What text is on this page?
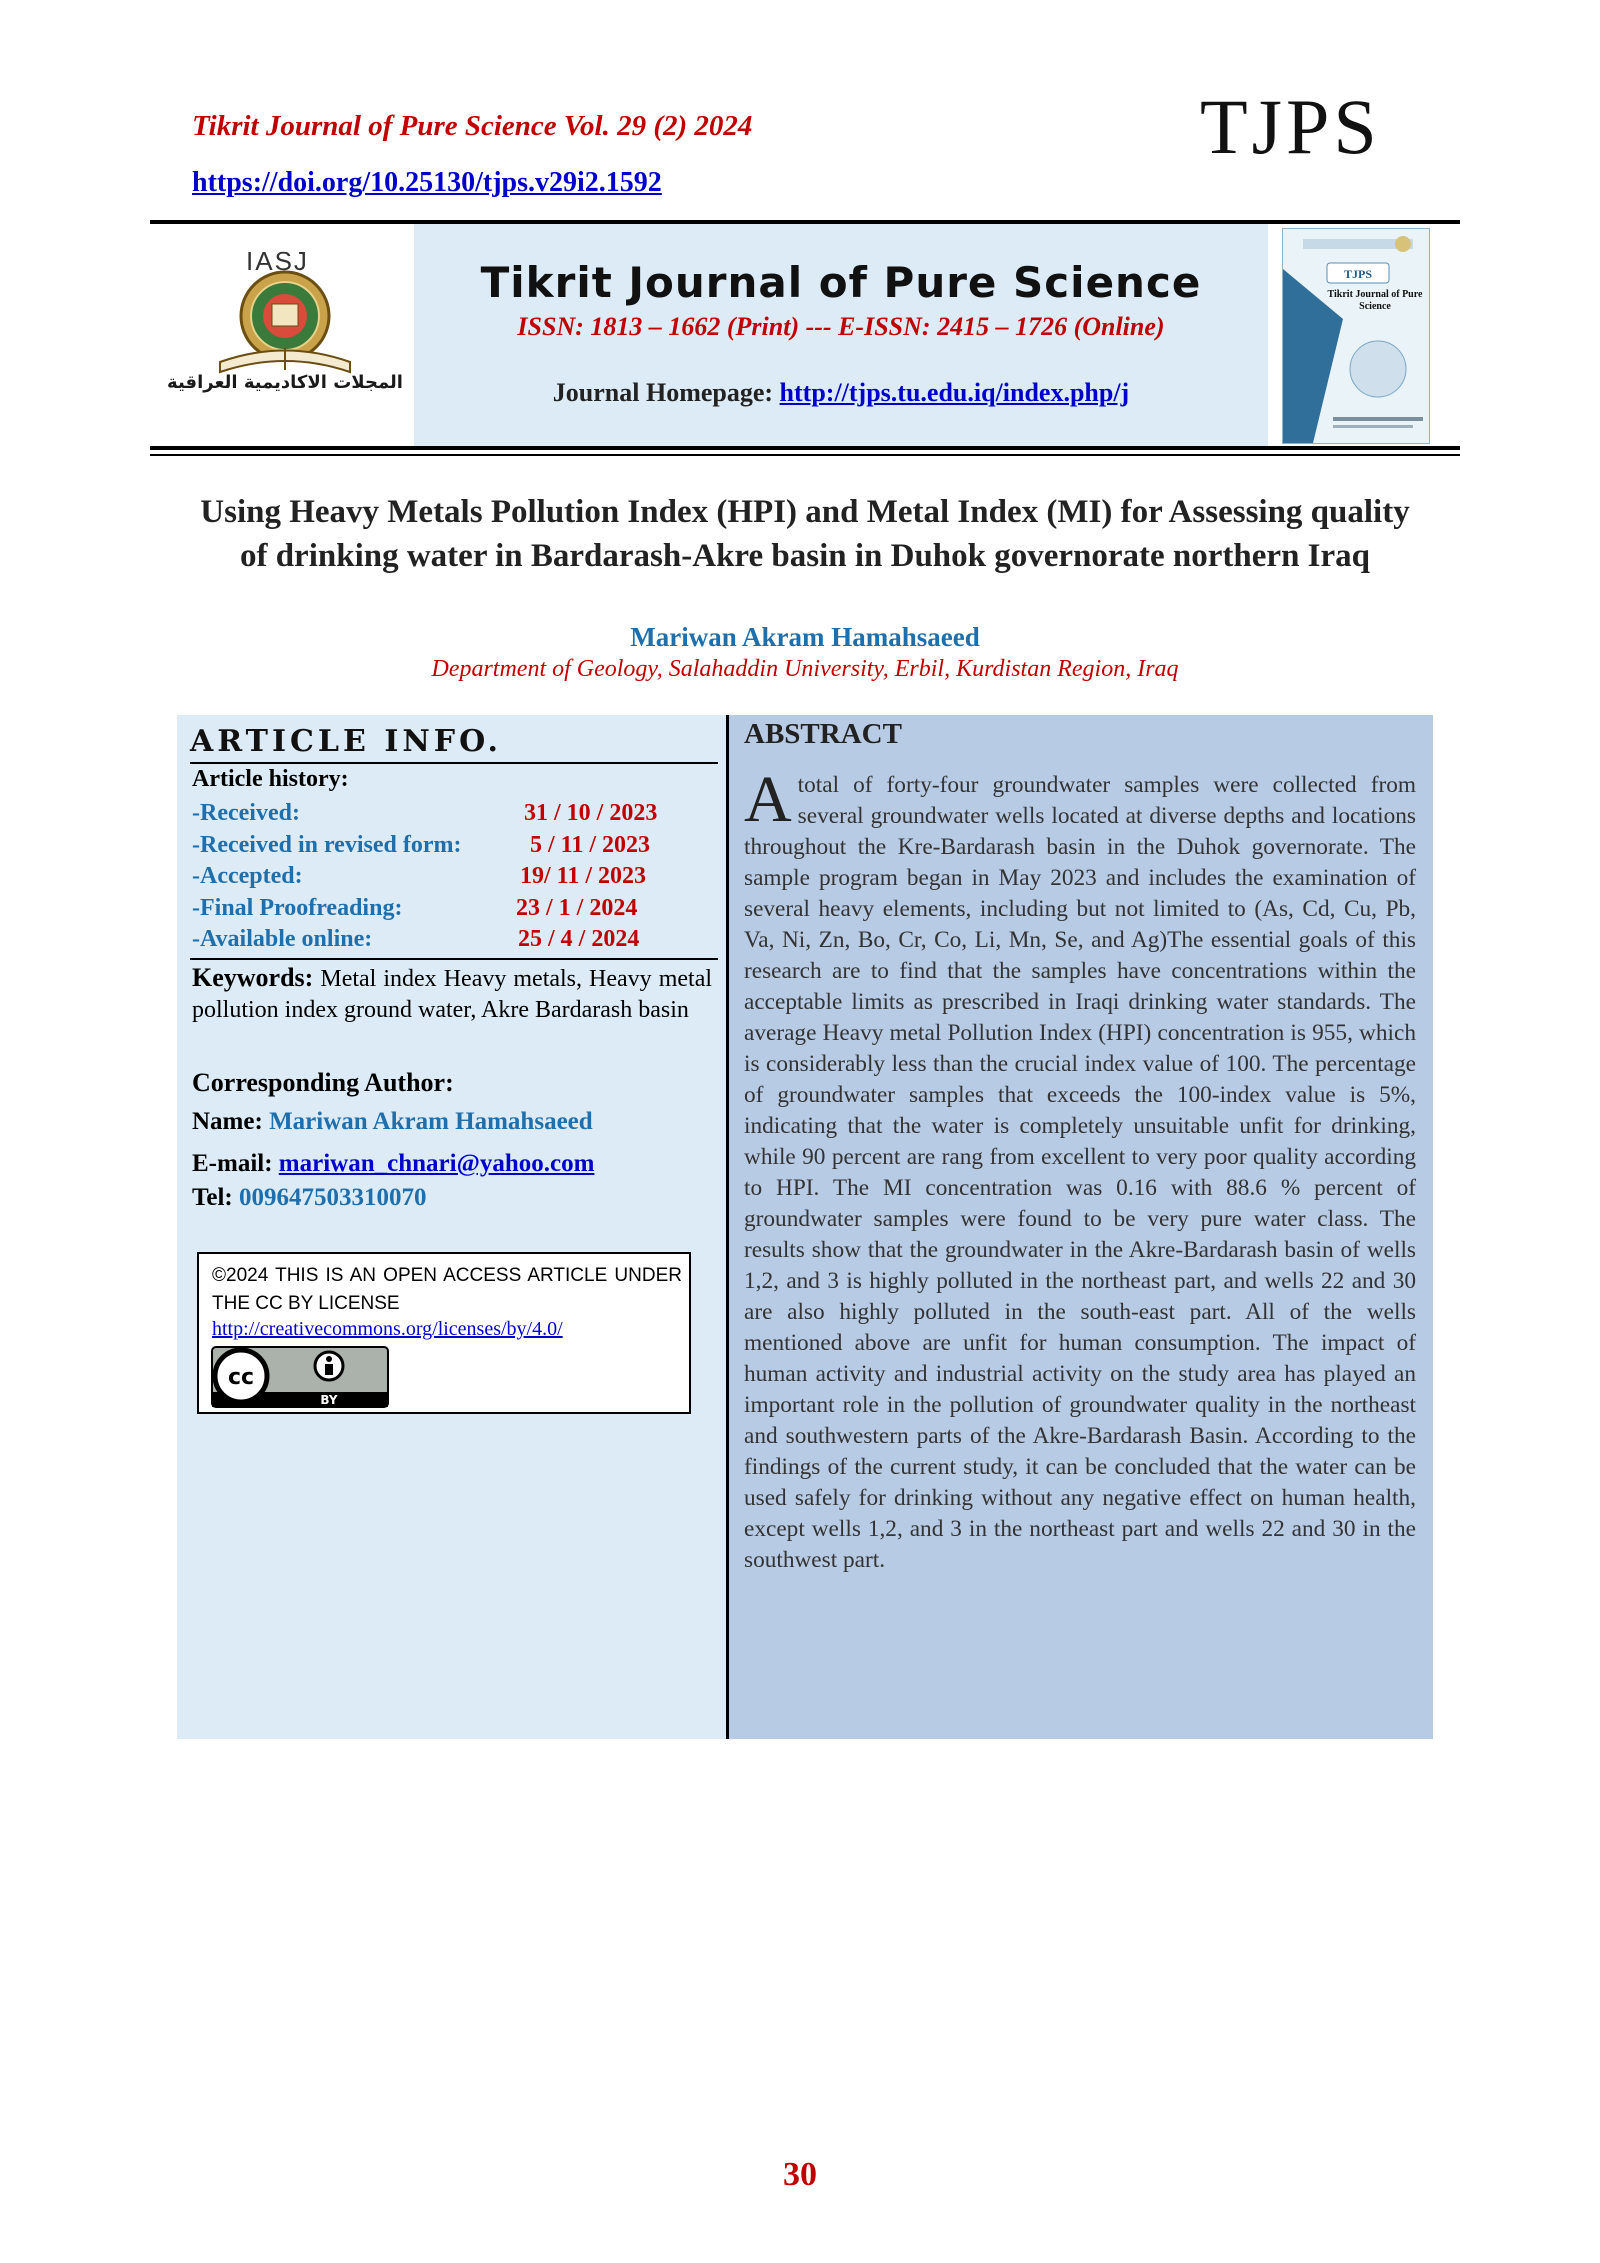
Tikrit Journal of Pure Science Vol. 29 (2) 2024
https://doi.org/10.25130/tjps.v29i2.1592
TJPS
IASJ
المجلات الاكاديمية العراقية
Tikrit Journal of Pure Science
ISSN: 1813 – 1662 (Print) --- E-ISSN: 2415 – 1726 (Online)
Journal Homepage: http://tjps.tu.edu.iq/index.php/j
TJPS
Tikrit Journal of Pure Science
Using Heavy Metals Pollution Index (HPI) and Metal Index (MI) for Assessing quality of drinking water in Bardarash-Akre basin in Duhok governorate northern Iraq
Mariwan Akram Hamahsaeed
Department of Geology, Salahaddin University, Erbil, Kurdistan Region, Iraq
ARTICLE INFO.
Article history:
-Received:	31 / 10 / 2023
-Received in revised form:	5 / 11 / 2023
-Accepted:	19/ 11 / 2023
-Final Proofreading:	23 / 1 / 2024
-Available online:	25 / 4 / 2024
Keywords: Metal index Heavy metals, Heavy metal pollution index ground water, Akre Bardarash basin
Corresponding Author:
Name: Mariwan Akram Hamahsaeed
E-mail: mariwan_chnari@yahoo.com
Tel: 009647503310070
©2024 THIS IS AN OPEN ACCESS ARTICLE UNDER THE CC BY LICENSE
http://creativecommons.org/licenses/by/4.0/
cc
BY
ABSTRACT
A total of forty-four groundwater samples were collected from several groundwater wells located at diverse depths and locations throughout the Kre-Bardarash basin in the Duhok governorate. The sample program began in May 2023 and includes the examination of several heavy elements, including but not limited to (As, Cd, Cu, Pb, Va, Ni, Zn, Bo, Cr, Co, Li, Mn, Se, and Ag)The essential goals of this research are to find that the samples have concentrations within the acceptable limits as prescribed in Iraqi drinking water standards. The average Heavy metal Pollution Index (HPI) concentration is 955, which is considerably less than the crucial index value of 100. The percentage of groundwater samples that exceeds the 100-index value is 5%, indicating that the water is completely unsuitable unfit for drinking, while 90 percent are rang from excellent to very poor quality according to HPI. The MI concentration was 0.16 with 88.6 % percent of groundwater samples were found to be very pure water class. The results show that the groundwater in the Akre-Bardarash basin of wells 1,2, and 3 is highly polluted in the northeast part, and wells 22 and 30 are also highly polluted in the south-east part. All of the wells mentioned above are unfit for human consumption. The impact of human activity and industrial activity on the study area has played an important role in the pollution of groundwater quality in the northeast and southwestern parts of the Akre-Bardarash Basin. According to the findings of the current study, it can be concluded that the water can be used safely for drinking without any negative effect on human health, except wells 1,2, and 3 in the northeast part and wells 22 and 30 in the southwest part.
30
